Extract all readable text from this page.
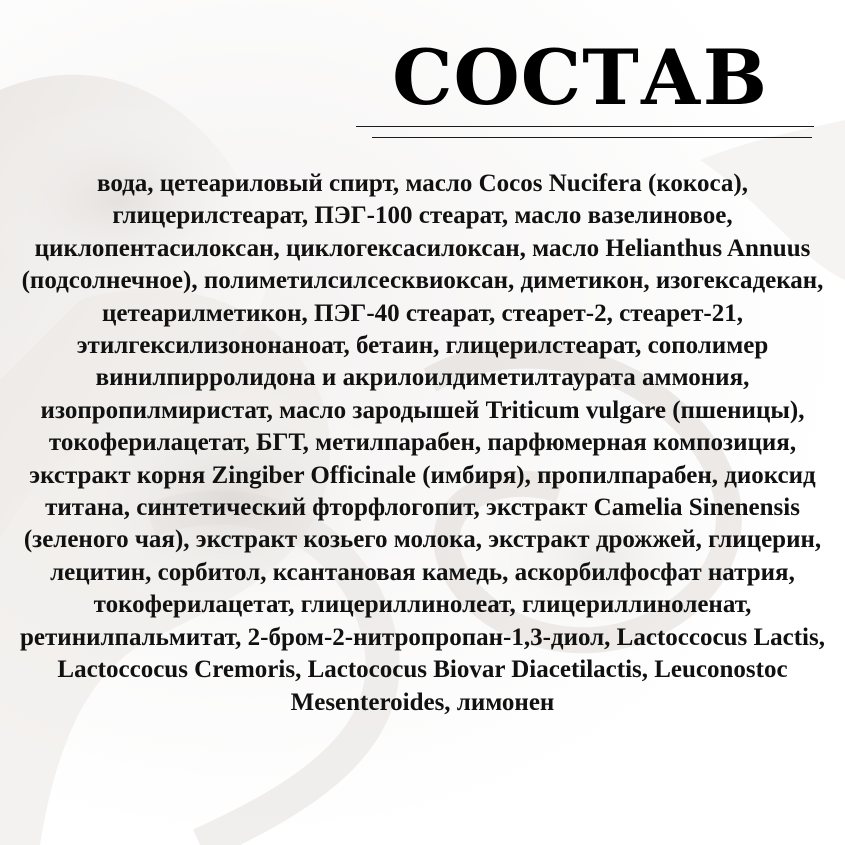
СОСТАВ
вода, цетеариловый спирт, масло Cocos Nucifera (кокоса), глицерилстеарат, ПЭГ-100 стеарат, масло вазелиновое, циклопентасилоксан, циклогексасилоксан, масло Helianthus Annuus (подсолнечное), полиметилсилсесквиоксан, диметикон, изогексадекан, цетеарилметикон, ПЭГ-40 стеарат, стеарет-2, стеарет-21, этилгексилизононаноат, бетаин, глицерилстеарат, сополимер винилпирролидона и акрилоилдиметилтаурата аммония, изопропилмиристат, масло зародышей Triticum vulgare (пшеницы), токоферилацетат, БГТ, метилпарабен, парфюмерная композиция, экстракт корня Zingiber Officinale (имбиря), пропилпарабен, диоксид титана, синтетический фторфлогопит, экстракт Camelia Sinenensis (зеленого чая), экстракт козьего молока, экстракт дрожжей, глицерин, лецитин, сорбитол, ксантановая камедь, аскорбилфосфат натрия, токоферилацетат, глицериллинолеат, глицериллиноленат, ретинилпальмитат, 2-бром-2-нитропропан-1,3-диол, Lactoccocus Lactis, Lactoccocus Cremoris, Lactococus Biovar Diacetilactis, Leuconostoc Mesenteroides, лимонен
